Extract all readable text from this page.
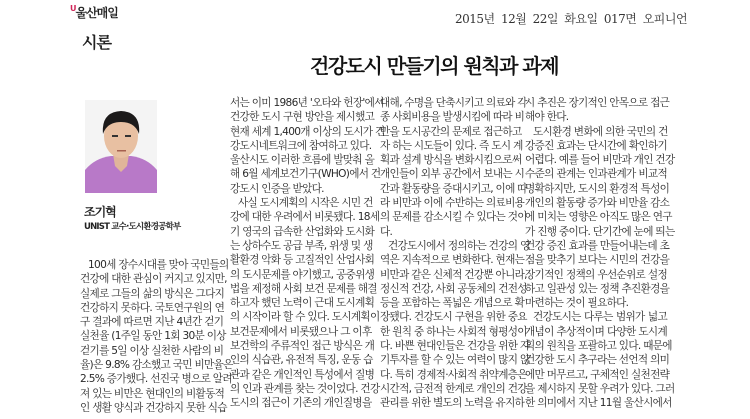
$^U$울산매일	2015년 12월 22일 화요일 017면 오피니언
시론
건강도시 만들기의 원칙과 과제
조기혁
UNIST 교수·도시환경공학부
100세 장수시대를 맞아 국민들의
건강에 대한 관심이 커지고 있지만,
실제로 그들의 삶의 방식은 그다지
건강하지 못하다. 국토연구원의 연
구 결과에 따르면 지난 4년간 걷기
실천율 (1주일 동안 1회 30분 이상
걷기를 5일 이상 실천한 사람의 비
율)은 9.8% 감소했고 국민 비만율은
2.5% 증가했다. 선진국 병으로 알려
져 있는 비만은 현대인의 비활동적
인 생활 양식과 건강하지 못한 식습
서는 이미 1986년 '오타와 헌장'에서
건강한 도시 구현 방안을 제시했고
현재 세계 1,400개 이상의 도시가 건
강도시네트워크에 참여하고 있다.
울산시도 이러한 흐름에 발맞춰 올
해 6월 세계보건기구(WHO)에서 건
강도시 인증을 받았다.
사실 도시계획의 시작은 시민 건
강에 대한 우려에서 비롯됐다. 18세
기 영국의 급속한 산업화와 도시화
는 상하수도 공급 부족, 위생 및 생
활환경 악화 등 고질적인 산업사회
의 도시문제를 야기했고, 공중위생
법을 제정해 사회 보건 문제를 해결
하고자 했던 노력이 근대 도시계획
의 시작이라 할 수 있다. 도시계획이
보건문제에서 비롯됐으나 그 이후
보건학의 주류적인 접근 방식은 개
인의 식습관, 유전적 특징, 운동 습
관과 같은 개인적인 특성에서 질병
의 인과 관계를 찾는 것이었다. 건강
도시의 접근이 기존의 개인질병을
대해, 수명을 단축시키고 의료와 각
종 사회비용을 발생시킴에 따라 비
만을 도시공간의 문제로 접근하고
자 하는 시도들이 있다. 즉 도시 계
획과 설계 방식을 변화시킴으로써
개인들이 외부 공간에서 보내는 시
간과 활동량을 증대시키고, 이에 따
라 비만과 이에 수반하는 의료비용
의 문제를 감소시킬 수 있다는 것이
다.
건강도시에서 정의하는 건강의 영
역은 지속적으로 변화한다. 현재는
비만과 같은 신체적 건강뿐 아니라,
정신적 건강, 사회 공동체의 건전성
등을 포함하는 폭넓은 개념으로 확
장됐다. 건강도시 구현을 위한 중요
한 원칙 중 하나는 사회적 형평성이
다. 바쁜 현대인들은 건강을 위한 자
기투자를 할 수 있는 여력이 많지 않
다. 특히 경제적·사회적 취약계층은
시간적, 금전적 한계로 개인의 건강
관리를 위한 별도의 노력을 유지하
시 추진은 장기적인 안목으로 접근
해야 한다.
도시환경 변화에 의한 국민의 건
강증진 효과는 단시간에 확인하기
어렵다. 예를 들어 비만과 개인 건강
수준의 관계는 인과관계가 비교적
명확하지만, 도시의 환경적 특성이
개인의 활동량 증가와 비만율 감소
에 미치는 영향은 아직도 많은 연구
가 진행 중이다. 단기간에 눈에 띄는
건강 증진 효과를 만들어내는데 초
점을 맞추기 보다는 시민의 건강을
장기적인 정책의 우선순위로 설정
하고 일관성 있는 정책 추진환경을
마련하는 것이 필요하다.
건강도시는 다루는 범위가 넓고
개념이 추상적이며 다양한 도시계
획의 원칙을 포괄하고 있다. 때문에
건강한 도시 추구라는 선언적 의미
에만 머무르고, 구체적인 실천전략
을 제시하지 못할 우려가 있다. 그러
한 의미에서 지난 11월 울산시에서
